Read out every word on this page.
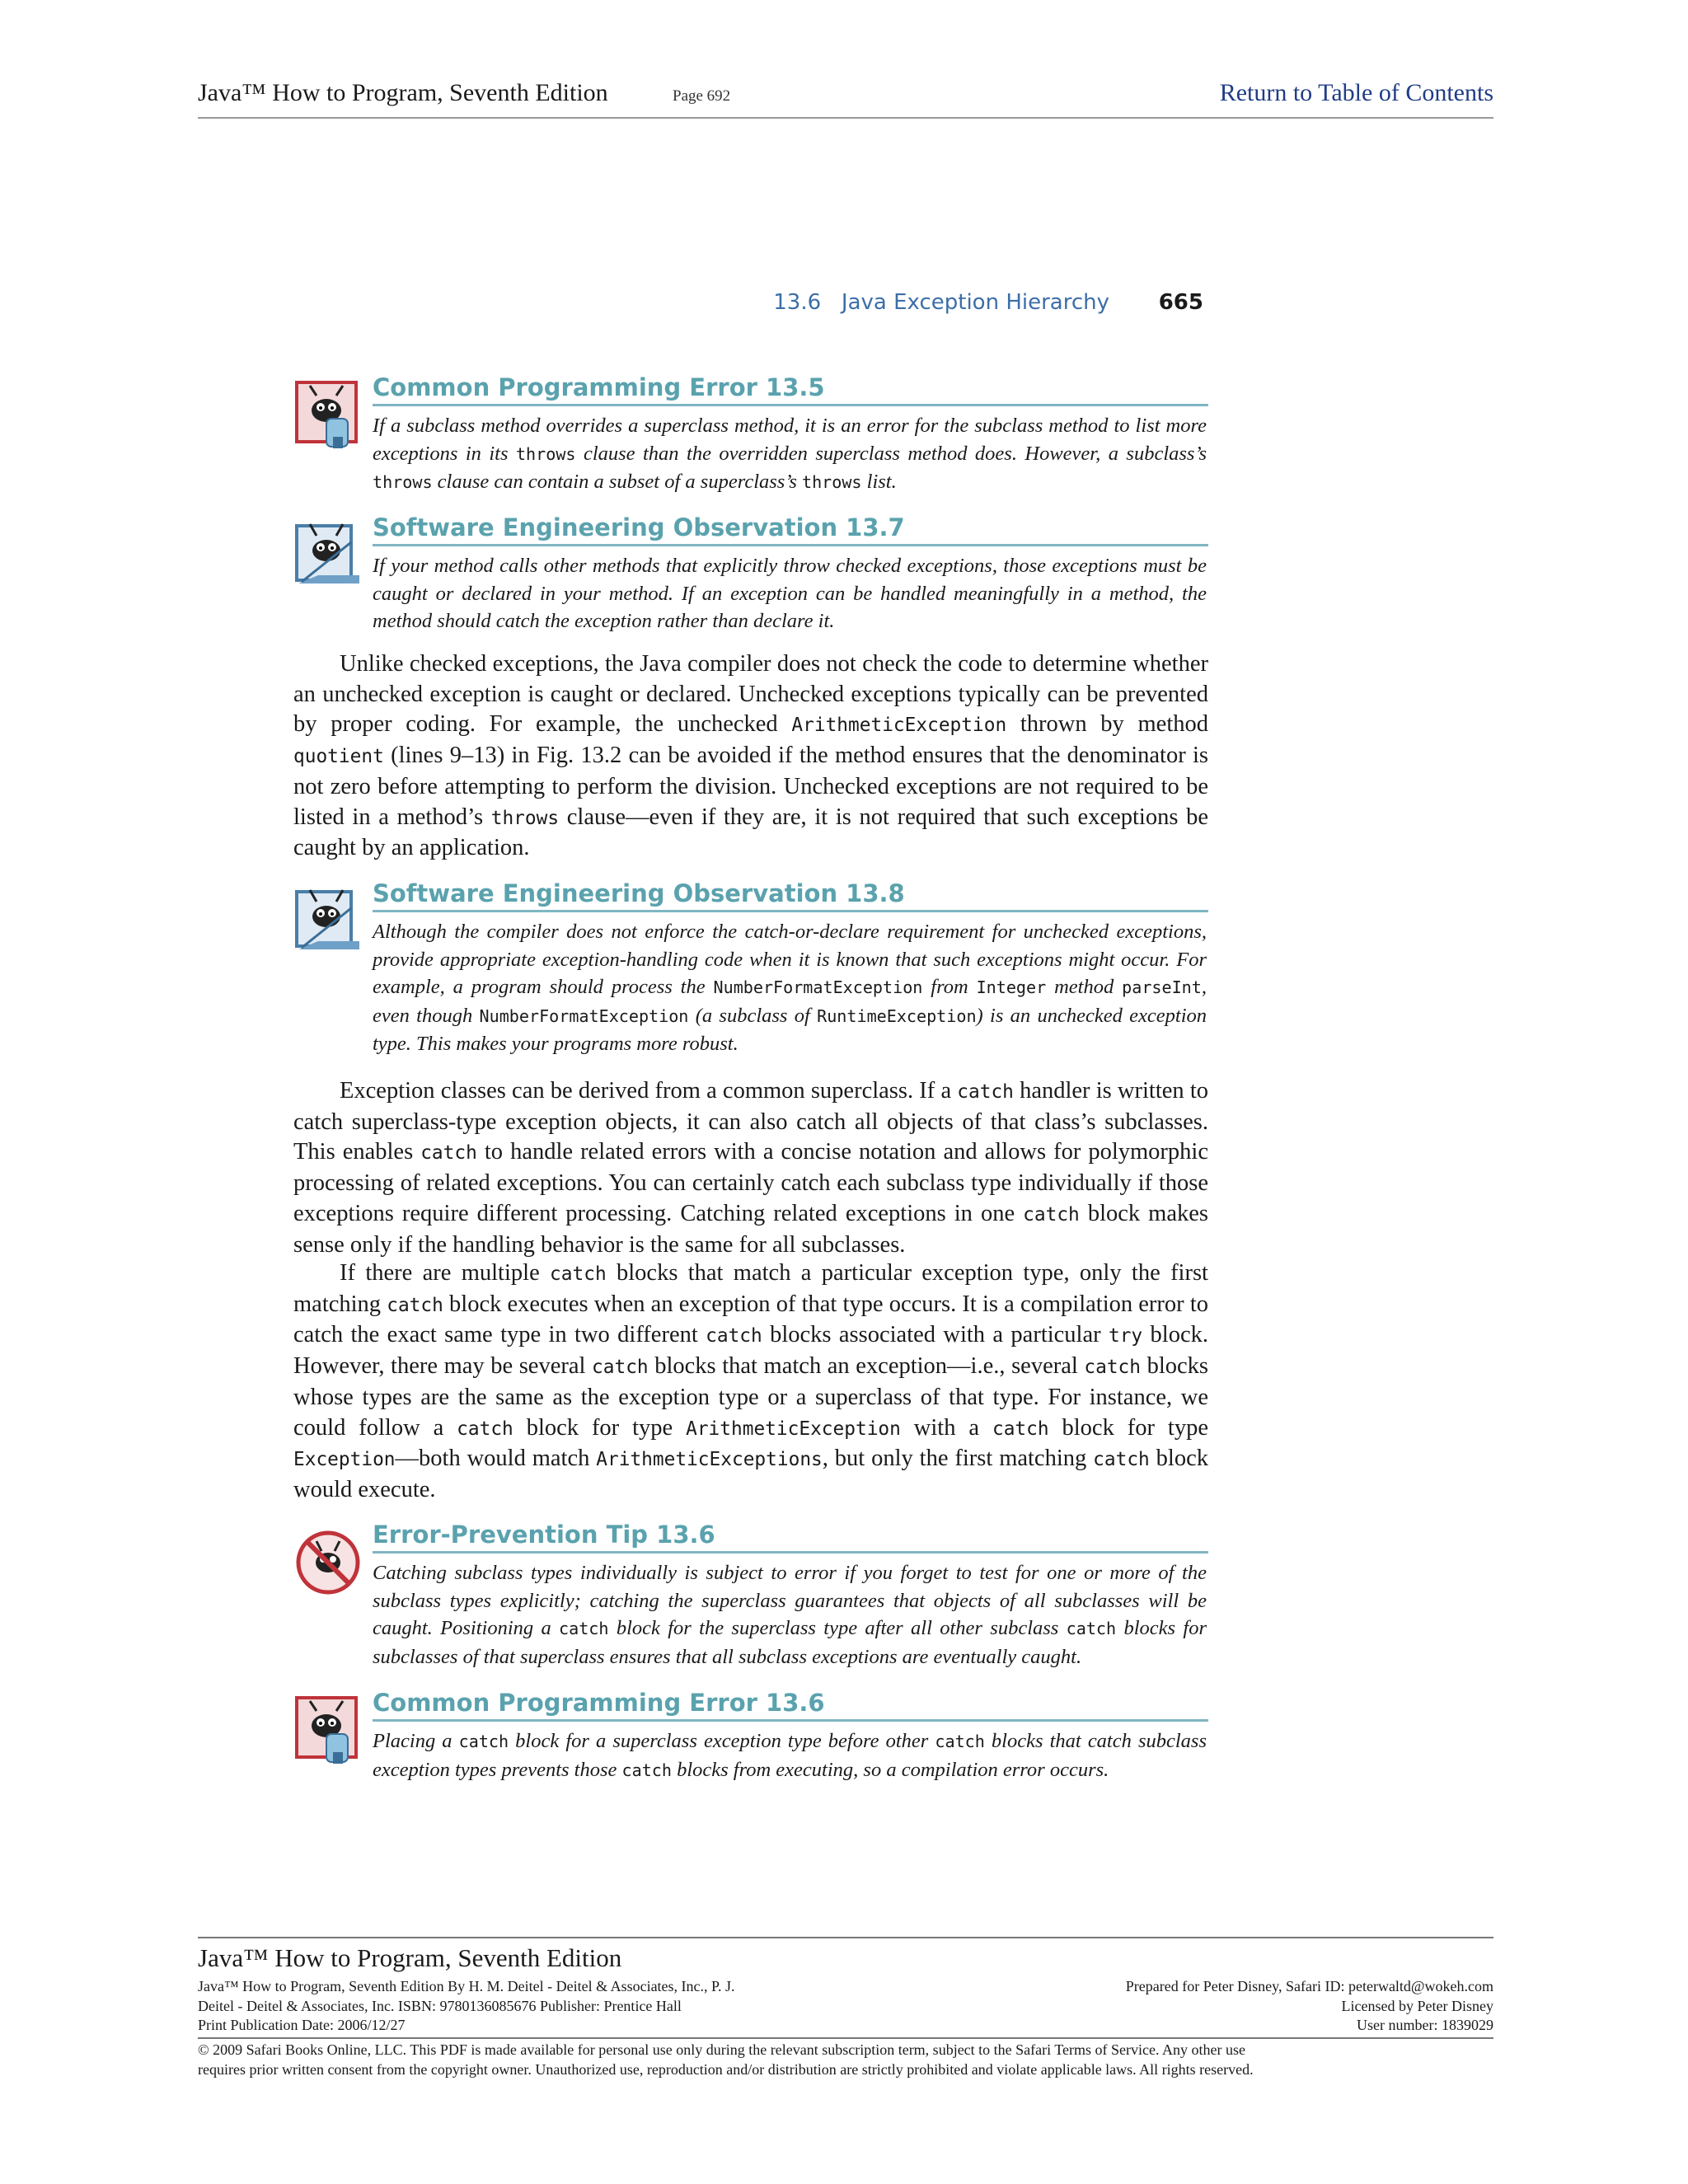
Java™ How to Program, Seventh Edition	Page 692	Return to Table of Contents
13.6   Java Exception Hierarchy 665
Common Programming Error 13.5
If a subclass method overrides a superclass method, it is an error for the subclass method to list more exceptions in its throws clause than the overridden superclass method does. However, a subclass’s throws clause can contain a subset of a superclass’s throws list.
Software Engineering Observation 13.7
If your method calls other methods that explicitly throw checked exceptions, those exceptions must be caught or declared in your method. If an exception can be handled meaningfully in a method, the method should catch the exception rather than declare it.
Unlike checked exceptions, the Java compiler does not check the code to determine whether an unchecked exception is caught or declared. Unchecked exceptions typically can be prevented by proper coding. For example, the unchecked ArithmeticException thrown by method quotient (lines 9–13) in Fig. 13.2 can be avoided if the method ensures that the denominator is not zero before attempting to perform the division. Unchecked exceptions are not required to be listed in a method’s throws clause—even if they are, it is not required that such exceptions be caught by an application.
Software Engineering Observation 13.8
Although the compiler does not enforce the catch-or-declare requirement for unchecked exceptions, provide appropriate exception-handling code when it is known that such exceptions might occur. For example, a program should process the NumberFormatException from Integer method parseInt, even though NumberFormatException (a subclass of RuntimeException) is an unchecked exception type. This makes your programs more robust.
Exception classes can be derived from a common superclass. If a catch handler is written to catch superclass-type exception objects, it can also catch all objects of that class’s subclasses. This enables catch to handle related errors with a concise notation and allows for polymorphic processing of related exceptions. You can certainly catch each subclass type individually if those exceptions require different processing. Catching related exceptions in one catch block makes sense only if the handling behavior is the same for all subclasses.
If there are multiple catch blocks that match a particular exception type, only the first matching catch block executes when an exception of that type occurs. It is a compilation error to catch the exact same type in two different catch blocks associated with a particular try block. However, there may be several catch blocks that match an exception—i.e., several catch blocks whose types are the same as the exception type or a superclass of that type. For instance, we could follow a catch block for type ArithmeticException with a catch block for type Exception—both would match ArithmeticExceptions, but only the first matching catch block would execute.
Error-Prevention Tip 13.6
Catching subclass types individually is subject to error if you forget to test for one or more of the subclass types explicitly; catching the superclass guarantees that objects of all subclasses will be caught. Positioning a catch block for the superclass type after all other subclass catch blocks for subclasses of that superclass ensures that all subclass exceptions are eventually caught.
Common Programming Error 13.6
Placing a catch block for a superclass exception type before other catch blocks that catch subclass exception types prevents those catch blocks from executing, so a compilation error occurs.
Java™ How to Program, Seventh Edition
Java™ How to Program, Seventh Edition By H. M. Deitel - Deitel & Associates, Inc., P. J.
Deitel - Deitel & Associates, Inc. ISBN: 9780136085676 Publisher: Prentice Hall
Print Publication Date: 2006/12/27
Prepared for Peter Disney, Safari ID: peterwaltd@wokeh.com
Licensed by Peter Disney
User number: 1839029
© 2009 Safari Books Online, LLC. This PDF is made available for personal use only during the relevant subscription term, subject to the Safari Terms of Service. Any other use
requires prior written consent from the copyright owner. Unauthorized use, reproduction and/or distribution are strictly prohibited and violate applicable laws. All rights reserved.
